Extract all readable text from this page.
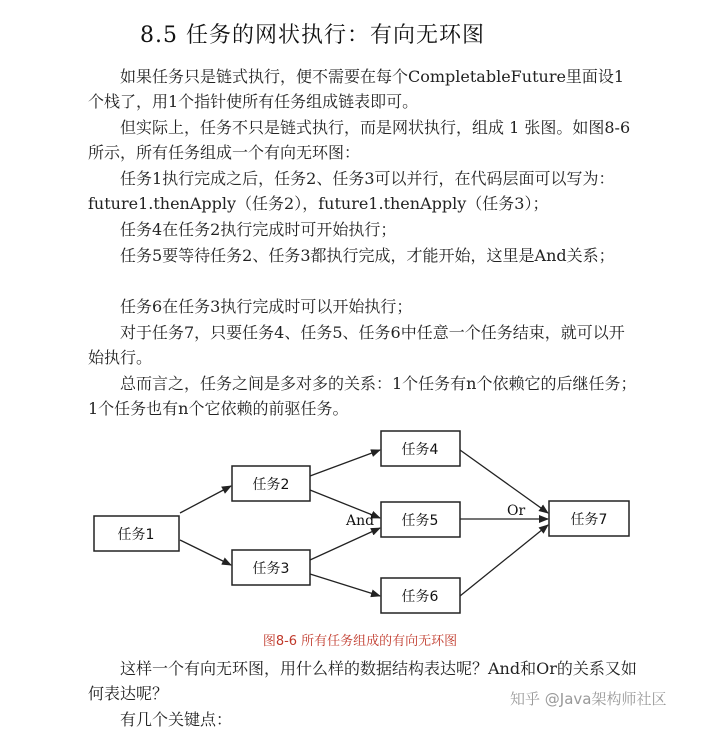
8.5 任务的网状执行：有向无环图
如果任务只是链式执行，便不需要在每个CompletableFuture里面设1个栈了，用1个指针使所有任务组成链表即可。
但实际上，任务不只是链式执行，而是网状执行，组成 1 张图。如图8-6所示，所有任务组成一个有向无环图：
任务1执行完成之后，任务2、任务3可以并行，在代码层面可以写为：future1.thenApply（任务2），future1.thenApply（任务3）；
任务4在任务2执行完成时可开始执行；
任务5要等待任务2、任务3都执行完成，才能开始，这里是And关系；
任务6在任务3执行完成时可以开始执行；
对于任务7，只要任务4、任务5、任务6中任意一个任务结束，就可以开始执行。
总而言之，任务之间是多对多的关系：1个任务有n个依赖它的后继任务；1个任务也有n个它依赖的前驱任务。
任务1
任务2
任务3
任务4
任务5
任务6
任务7
And
Or
图8-6 所有任务组成的有向无环图
这样一个有向无环图，用什么样的数据结构表达呢？And和Or的关系又如何表达呢？
有几个关键点：
知乎 @Java架构师社区
